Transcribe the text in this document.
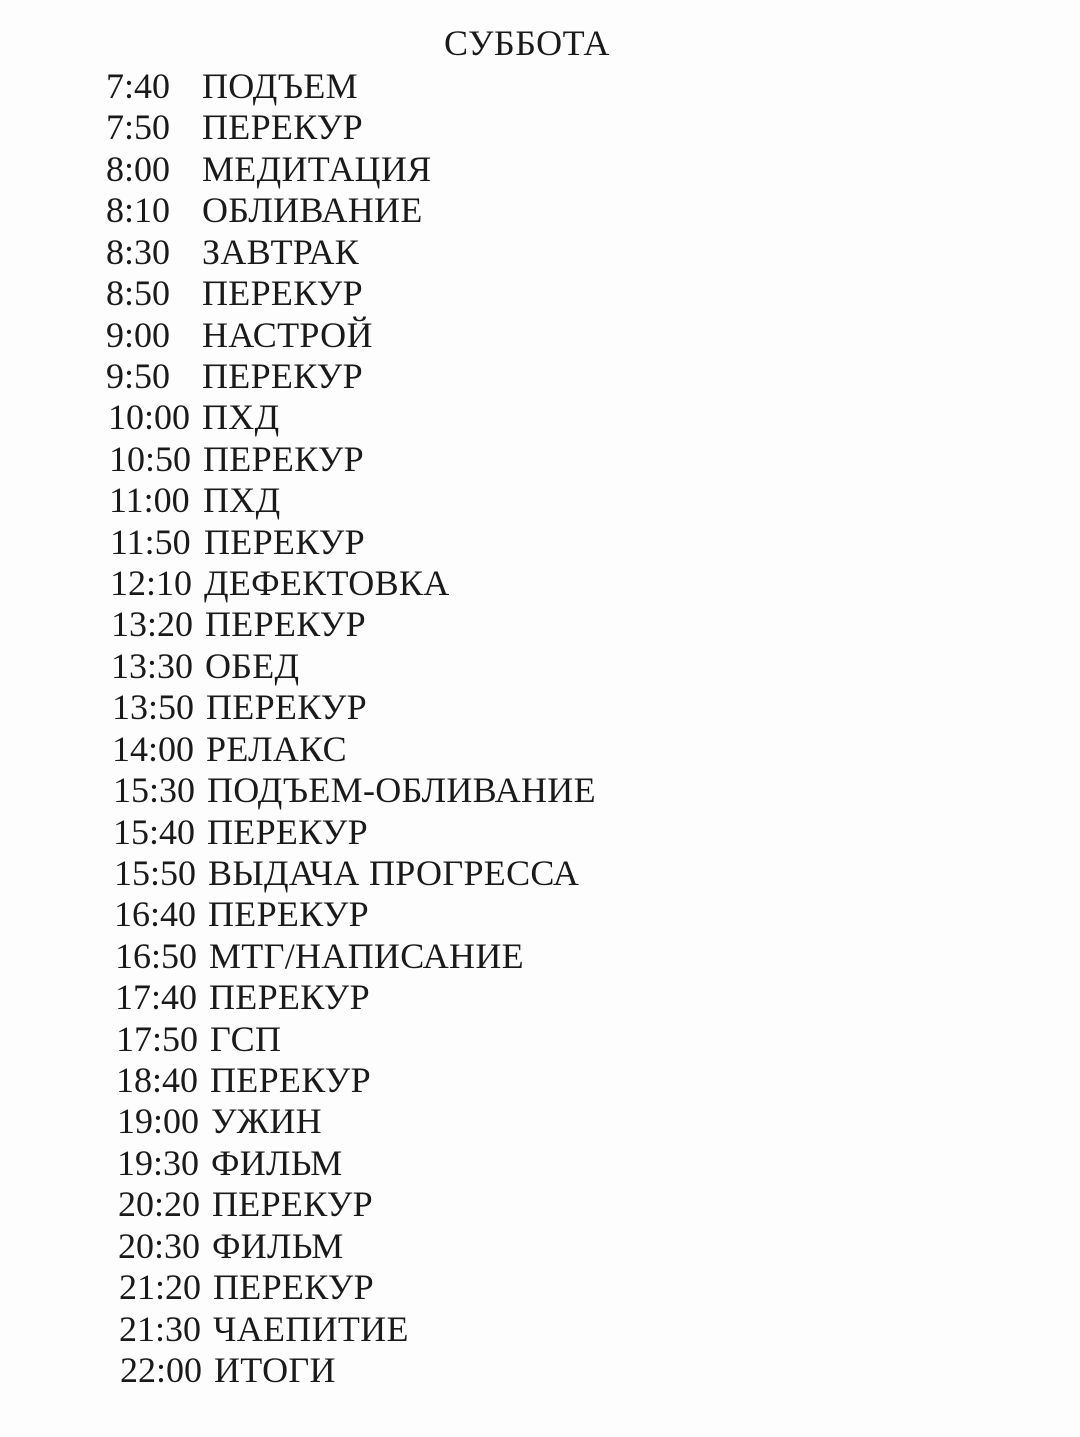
СУББОТА
7:40 ПОДЪЕМ
7:50 ПЕРЕКУР
8:00 МЕДИТАЦИЯ
8:10 ОБЛИВАНИЕ
8:30 ЗАВТРАК
8:50 ПЕРЕКУР
9:00 НАСТРОЙ
9:50 ПЕРЕКУР
10:00 ПХД
10:50 ПЕРЕКУР
11:00 ПХД
11:50 ПЕРЕКУР
12:10 ДЕФЕКТОВКА
13:20 ПЕРЕКУР
13:30 ОБЕД
13:50 ПЕРЕКУР
14:00 РЕЛАКС
15:30 ПОДЪЕМ-ОБЛИВАНИЕ
15:40 ПЕРЕКУР
15:50 ВЫДАЧА ПРОГРЕССА
16:40 ПЕРЕКУР
16:50 МТГ/НАПИСАНИЕ
17:40 ПЕРЕКУР
17:50 ГСП
18:40 ПЕРЕКУР
19:00 УЖИН
19:30 ФИЛЬМ
20:20 ПЕРЕКУР
20:30 ФИЛЬМ
21:20 ПЕРЕКУР
21:30 ЧАЕПИТИЕ
22:00 ИТОГИ
